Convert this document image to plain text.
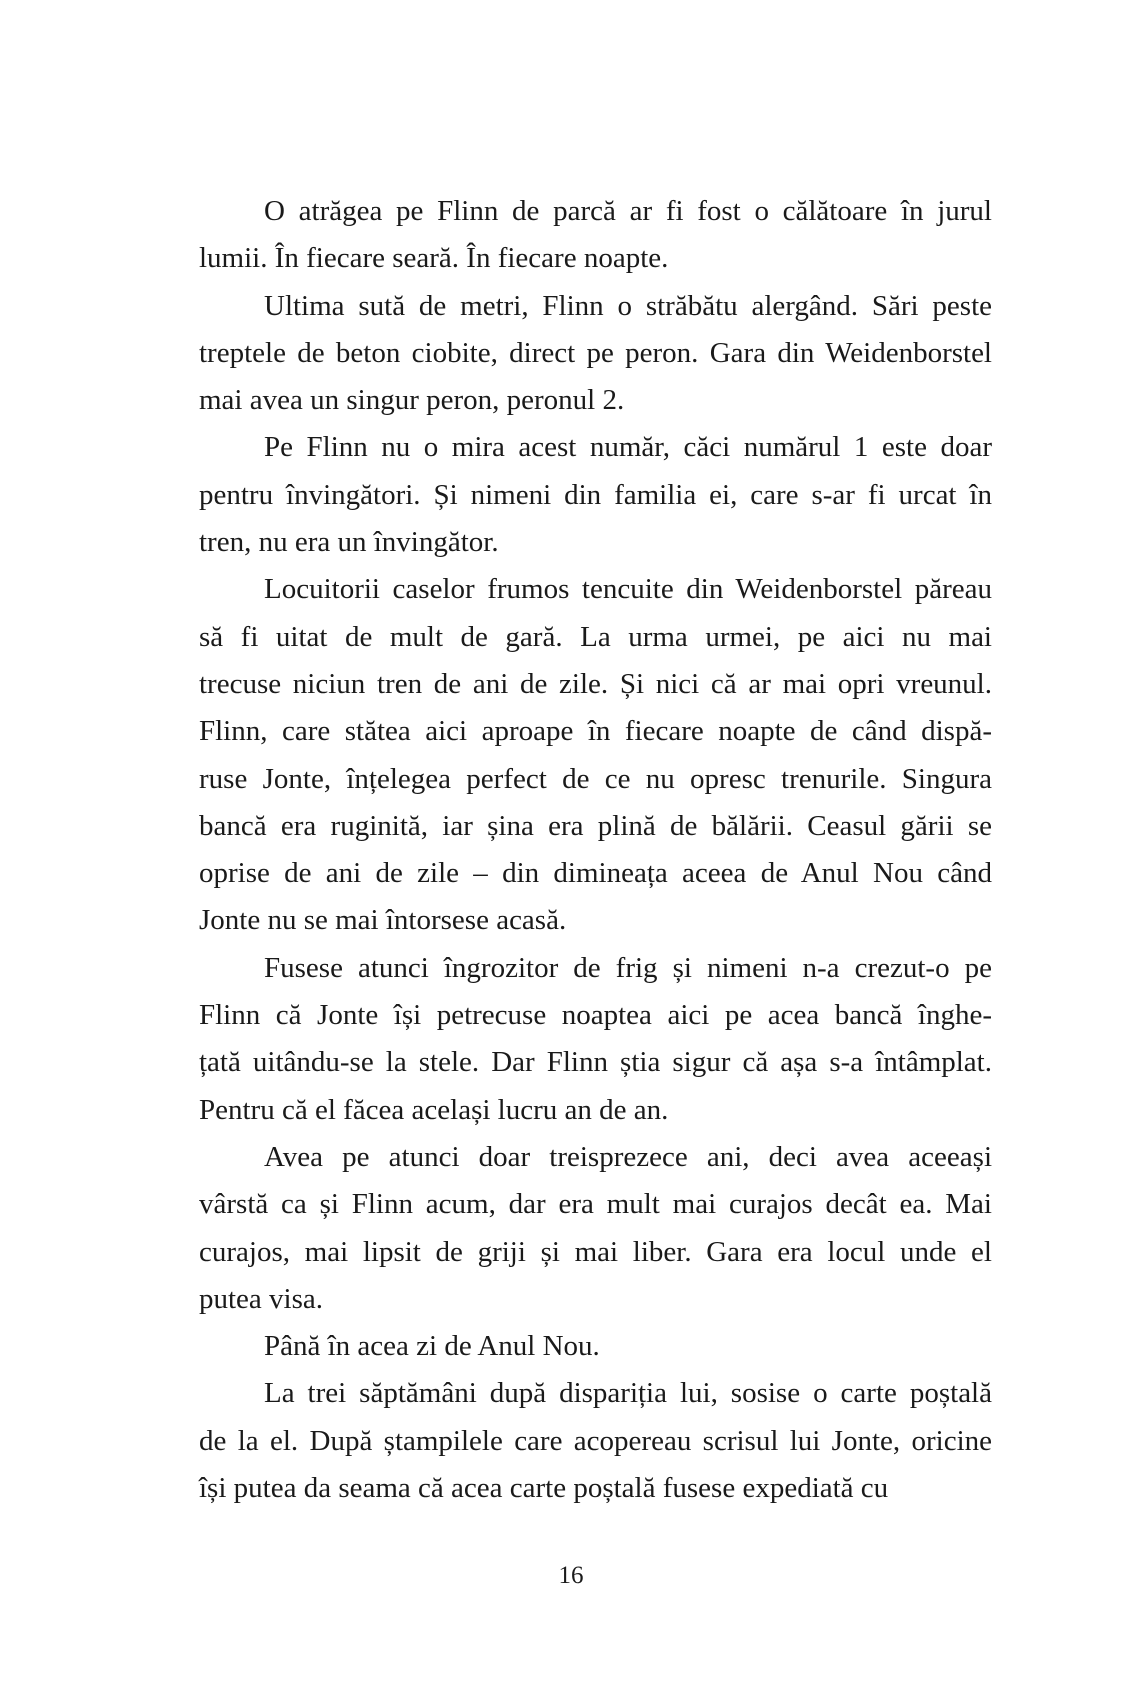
O atrăgea pe Flinn de parcă ar fi fost o călătoare în jurul
lumii. În fiecare seară. În fiecare noapte.
Ultima sută de metri, Flinn o străbătu alergând. Sări peste
treptele de beton ciobite, direct pe peron. Gara din Weidenborstel
mai avea un singur peron, peronul 2.
Pe Flinn nu o mira acest număr, căci numărul 1 este doar
pentru învingători. Și nimeni din familia ei, care s-ar fi urcat în
tren, nu era un învingător.
Locuitorii caselor frumos tencuite din Weidenborstel păreau
să fi uitat de mult de gară. La urma urmei, pe aici nu mai
trecuse niciun tren de ani de zile. Și nici că ar mai opri vreunul.
Flinn, care stătea aici aproape în fiecare noapte de când dispă-
ruse Jonte, înțelegea perfect de ce nu opresc trenurile. Singura
bancă era ruginită, iar șina era plină de bălării. Ceasul gării se
oprise de ani de zile – din dimineața aceea de Anul Nou când
Jonte nu se mai întorsese acasă.
Fusese atunci îngrozitor de frig și nimeni n-a crezut-o pe
Flinn că Jonte își petrecuse noaptea aici pe acea bancă înghe-
țată uitându-se la stele. Dar Flinn știa sigur că așa s-a întâmplat.
Pentru că el făcea același lucru an de an.
Avea pe atunci doar treisprezece ani, deci avea aceeași
vârstă ca și Flinn acum, dar era mult mai curajos decât ea. Mai
curajos, mai lipsit de griji și mai liber. Gara era locul unde el
putea visa.
Până în acea zi de Anul Nou.
La trei săptămâni după dispariția lui, sosise o carte poștală
de la el. După ștampilele care acopereau scrisul lui Jonte, oricine
își putea da seama că acea carte poștală fusese expediată cu
16
